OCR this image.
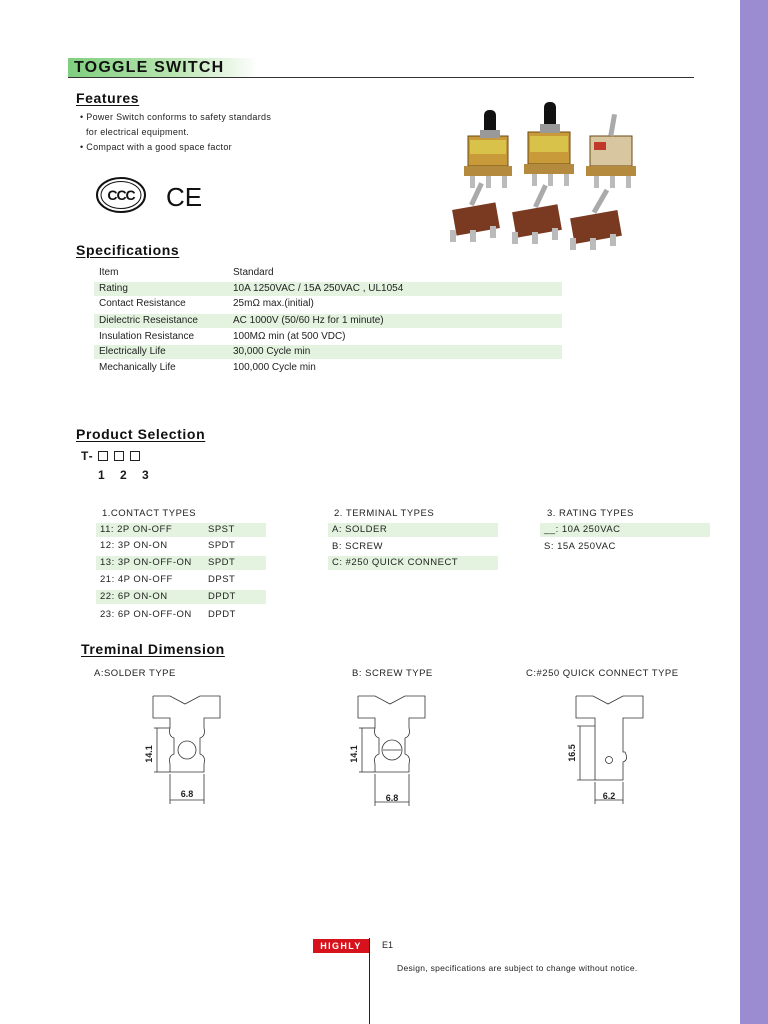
TOGGLE SWITCH
Features
• Power Switch conforms to safety standards
for electrical equipment.
• Compact with a good space factor
CCC CE
Specifications
Item	Standard
Rating	10A 1250VAC / 15A 250VAC , UL1054
Contact Resistance	25mΩ max.(initial)
Dielectric Reseistance	AC 1000V (50/60 Hz for 1 minute)
Insulation Resistance	100MΩ min (at 500 VDC)
Electrically Life	30,000 Cycle min
Mechanically Life	100,000 Cycle min
Product Selection
T-
1 2 3
1.CONTACT TYPES
11: 2P ON-OFF	SPST
12: 3P ON-ON	SPDT
13: 3P ON-OFF-ON SPDT
21: 4P ON-OFF	DPST
22: 6P ON-ON	DPDT
23: 6P ON-OFF-ON DPDT
2. TERMINAL TYPES
A: SOLDER
B: SCREW
C: #250 QUICK CONNECT
3. RATING TYPES
__: 10A 250VAC
S: 15A 250VAC
Treminal Dimension
A:SOLDER TYPE	B: SCREW TYPE	C:#250 QUICK CONNECT TYPE
14.1
6.8
14.1
6.8
16.5
6.2
HIGHLY	E1
Design, specifications are subject to change without notice.
